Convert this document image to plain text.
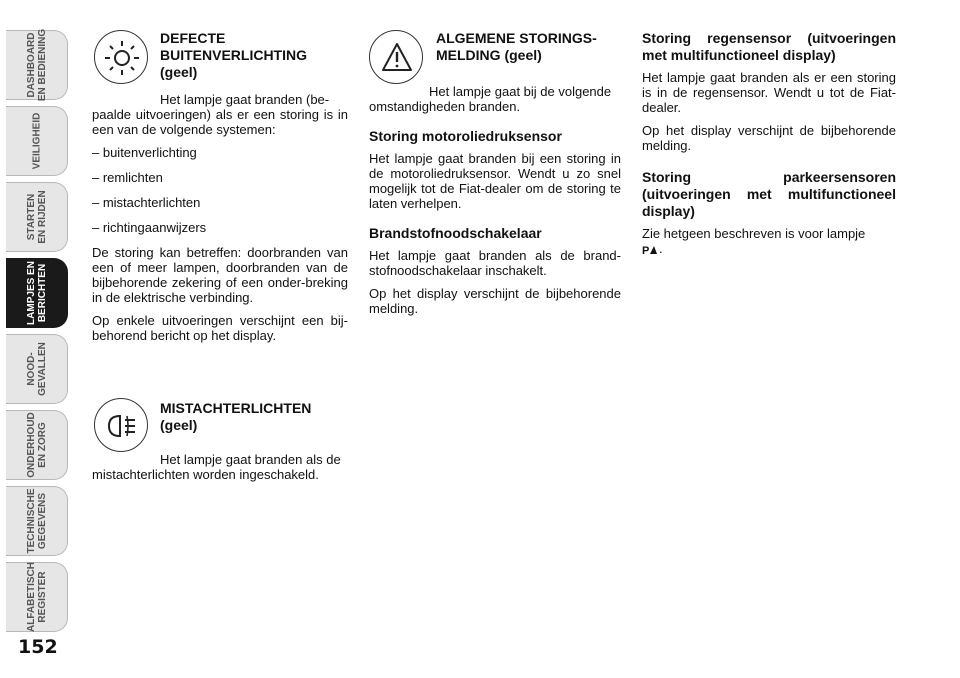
DASHBOARD
EN BEDIENING
VEILIGHEID
STARTEN
EN RIJDEN
LAMPJES EN
BERICHTEN
NOOD-
GEVALLEN
ONDERHOUD
EN ZORG
TECHNISCHE
GEGEVENS
ALFABETISCH
REGISTER
152
DEFECTE
BUITENVERLICHTING
(geel)
Het lampje gaat branden (be-

paalde uitvoeringen) als er een storing is in een van de volgende systemen:

– buitenverlichting

– remlichten

– mistachterlichten

– richtingaanwijzers

De storing kan betreffen: doorbranden van een of meer lampen, doorbranden van de bijbehorende zekering of een onder-breking in de elektrische verbinding.

Op enkele uitvoeringen verschijnt een bij-behorend bericht op het display.

MISTACHTERLICHTEN
(geel)
Het lampje gaat branden als de
mistachterlichten worden ingeschakeld.
ALGEMENE STORINGS-
MELDING (geel)
Het lampje gaat bij de volgende
omstandigheden branden.
Storing motoroliedruksensor

Het lampje gaat branden bij een storing in de motoroliedruksensor. Wendt u zo snel mogelijk tot de Fiat-dealer om de storing te laten verhelpen.

Brandstofnoodschakelaar

Het lampje gaat branden als de brand-stofnoodschakelaar inschakelt.

Op het display verschijnt de bijbehorende melding.

Storing regensensor (uitvoeringen met multifunctioneel display)

Het lampje gaat branden als er een storing is in de regensensor. Wendt u tot de Fiat-dealer.

Op het display verschijnt de bijbehorende melding.

Storing parkeersensoren (uitvoeringen met multifunctioneel display)

Zie hetgeen beschreven is voor lampje

P .
